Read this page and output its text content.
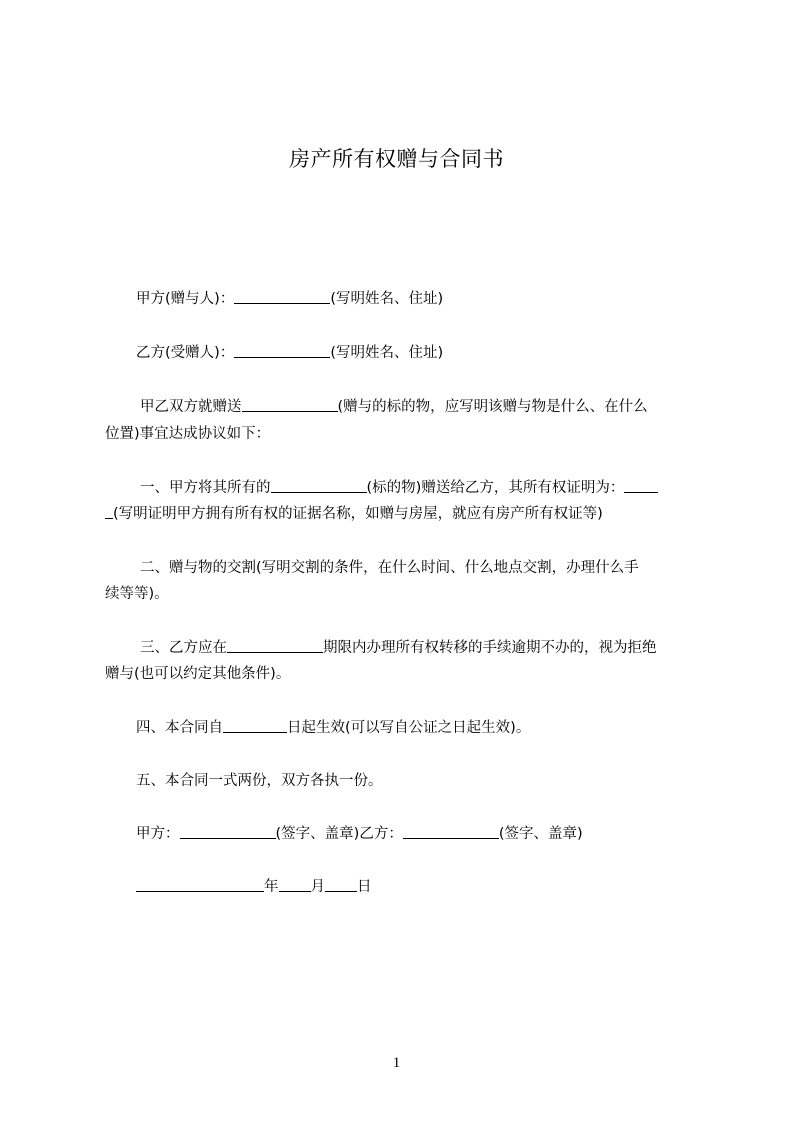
房产所有权赠与合同书
甲方(赠与人)：	(写明姓名、住址)
乙方(受赠人)：	(写明姓名、住址)
甲乙双方就赠送	(赠与的标的物，应写明该赠与物是什么、在什么
位置)事宜达成协议如下：
一、甲方将其所有的	(标的物)赠送给乙方，其所有权证明为：
(写明证明甲方拥有所有权的证据名称，如赠与房屋，就应有房产所有权证等)
二、赠与物的交割(写明交割的条件，在什么时间、什么地点交割，办理什么手
续等等)。
三、乙方应在	期限内办理所有权转移的手续逾期不办的，视为拒绝
赠与(也可以约定其他条件)。
四、本合同自	日起生效(可以写自公证之日起生效)。
五、本合同一式两份，双方各执一份。
甲方：	(签字、盖章)乙方：	(签字、盖章)
年 月 日
1
